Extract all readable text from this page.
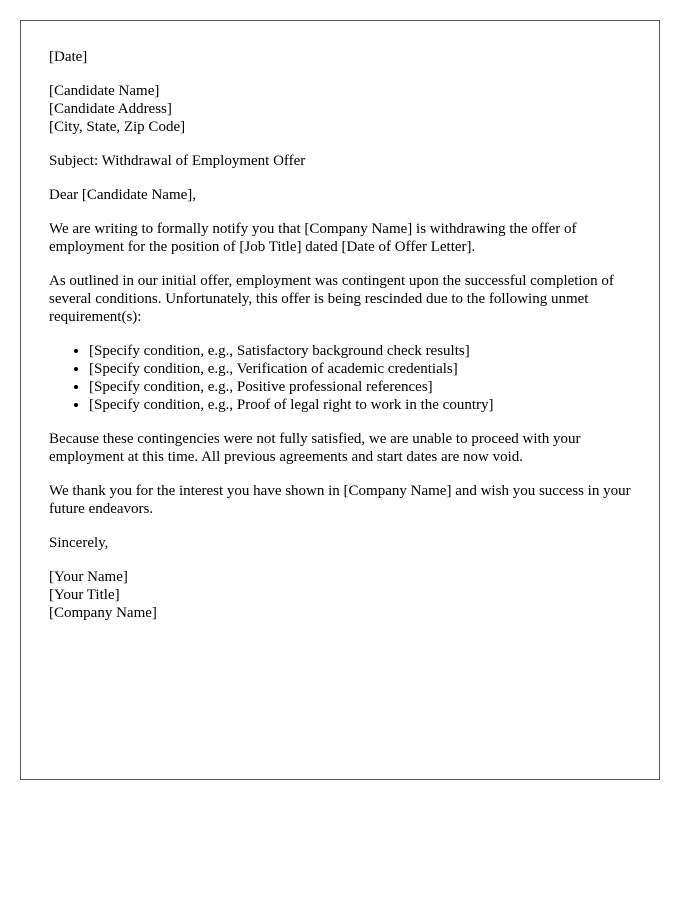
[Date]

[Candidate Name]
[Candidate Address]
[City, State, Zip Code]

Subject: Withdrawal of Employment Offer

Dear [Candidate Name],

We are writing to formally notify you that [Company Name] is withdrawing the offer of employment for the position of [Job Title] dated [Date of Offer Letter].

As outlined in our initial offer, employment was contingent upon the successful completion of several conditions. Unfortunately, this offer is being rescinded due to the following unmet requirement(s):

• [Specify condition, e.g., Satisfactory background check results]
• [Specify condition, e.g., Verification of academic credentials]
• [Specify condition, e.g., Positive professional references]
• [Specify condition, e.g., Proof of legal right to work in the country]

Because these contingencies were not fully satisfied, we are unable to proceed with your employment at this time. All previous agreements and start dates are now void.

We thank you for the interest you have shown in [Company Name] and wish you success in your future endeavors.

Sincerely,

[Your Name]
[Your Title]
[Company Name]
